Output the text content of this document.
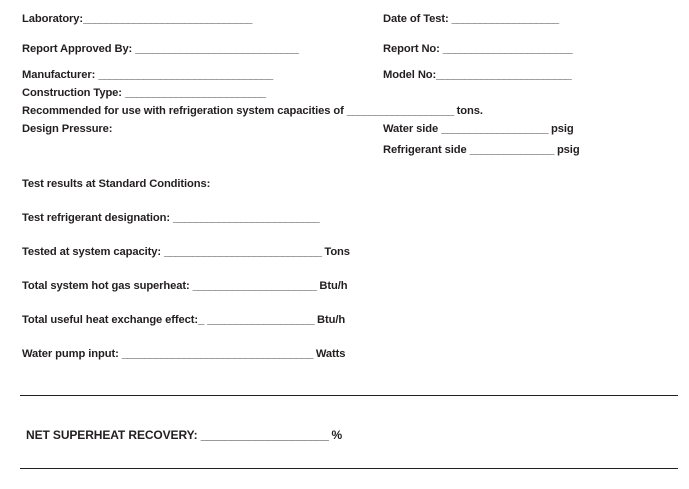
Laboratory:______________________________
Report Approved By: _____________________________
Manufacturer: _______________________________
Construction Type: _________________________
Date of Test: ___________________
Report No: _______________________
Model No:________________________
Recommended for use with refrigeration system capacities of ___________________ tons.
Design Pressure:	Water side ___________________ psig
Refrigerant side _______________ psig
Test results at Standard Conditions:
Test refrigerant designation: __________________________
Tested at system capacity: ____________________________ Tons
Total system hot gas superheat: ______________________ Btu/h
Total useful heat exchange effect:_ ___________________ Btu/h
Water pump input: __________________________________ Watts
NET SUPERHEAT RECOVERY: _____________________ %
